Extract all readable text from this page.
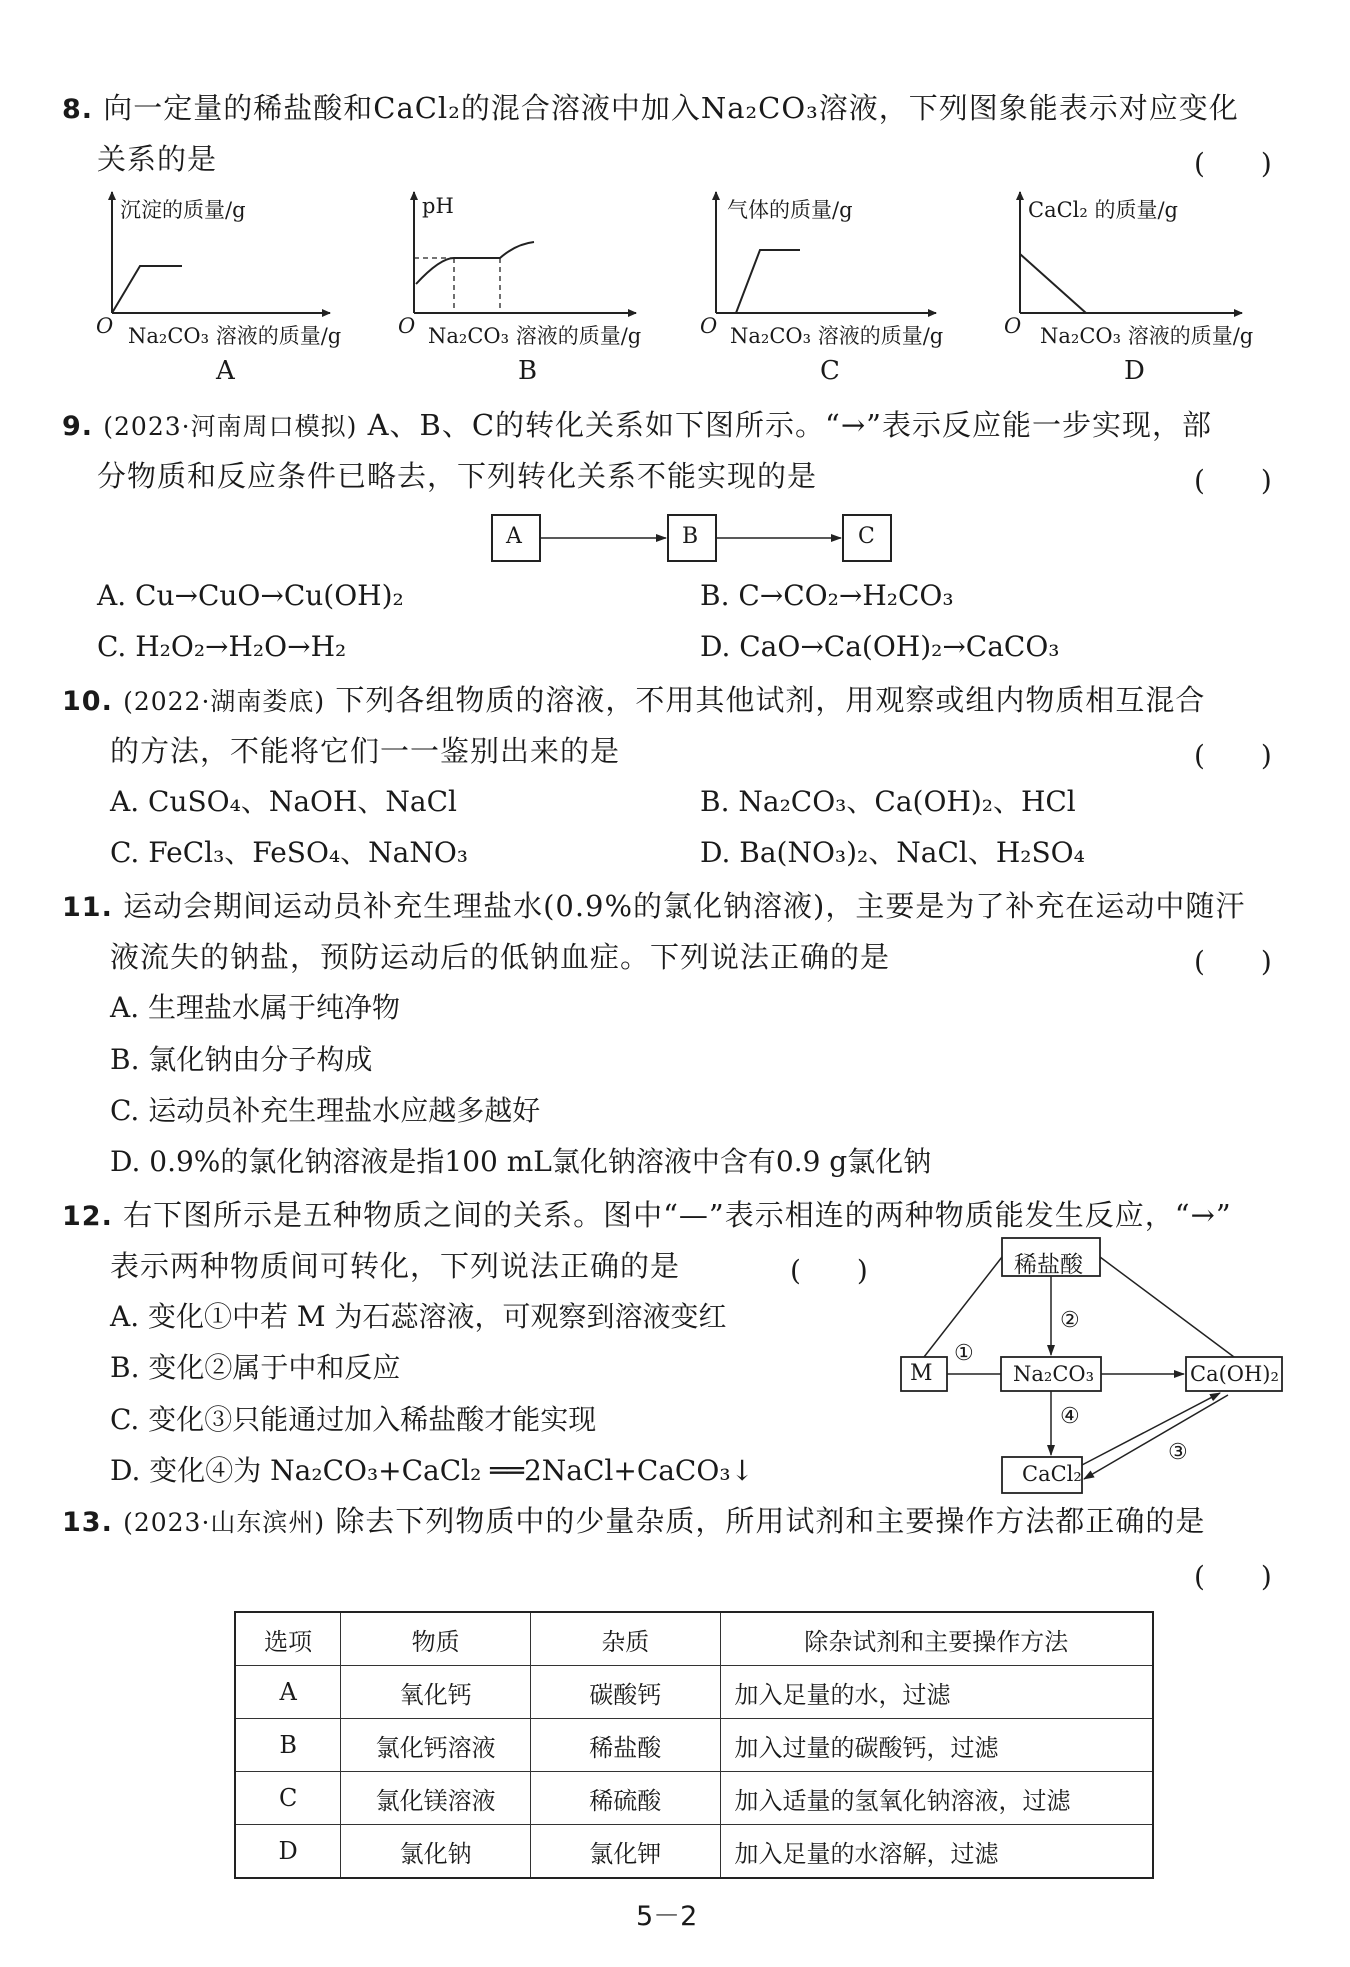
8. 向一定量的稀盐酸和CaCl₂的混合溶液中加入Na₂CO₃溶液，下列图象能表示对应变化
关系的是	(　　)
沉淀的质量/g	pH	气体的质量/g	CaCl₂ 的质量/g
O	O	O	O
Na₂CO₃ 溶液的质量/g	Na₂CO₃ 溶液的质量/g	Na₂CO₃ 溶液的质量/g	Na₂CO₃ 溶液的质量/g
A	B	C	D
9. (2023·河南周口模拟) A、B、C的转化关系如下图所示。“→”表示反应能一步实现，部
分物质和反应条件已略去，下列转化关系不能实现的是	(　　)
A	B	C
A. Cu→CuO→Cu(OH)₂	B. C→CO₂→H₂CO₃
C. H₂O₂→H₂O→H₂	D. CaO→Ca(OH)₂→CaCO₃
10. (2022·湖南娄底) 下列各组物质的溶液，不用其他试剂，用观察或组内物质相互混合
的方法，不能将它们一一鉴别出来的是	(　　)
A. CuSO₄、NaOH、NaCl	B. Na₂CO₃、Ca(OH)₂、HCl
C. FeCl₃、FeSO₄、NaNO₃	D. Ba(NO₃)₂、NaCl、H₂SO₄
11. 运动会期间运动员补充生理盐水(0.9%的氯化钠溶液)，主要是为了补充在运动中随汗
液流失的钠盐，预防运动后的低钠血症。下列说法正确的是	(　　)
A. 生理盐水属于纯净物
B. 氯化钠由分子构成
C. 运动员补充生理盐水应越多越好
D. 0.9%的氯化钠溶液是指100 mL氯化钠溶液中含有0.9 g氯化钠
12. 右下图所示是五种物质之间的关系。图中“—”表示相连的两种物质能发生反应，“→”
表示两种物质间可转化，下列说法正确的是	(　　)
A. 变化①中若 M 为石蕊溶液，可观察到溶液变红
B. 变化②属于中和反应
C. 变化③只能通过加入稀盐酸才能实现
D. 变化④为 Na₂CO₃+CaCl₂ ══2NaCl+CaCO₃↓
稀盐酸
M	Na₂CO₃	Ca(OH)₂
CaCl₂
①
②
③
④
13. (2023·山东滨州) 除去下列物质中的少量杂质，所用试剂和主要操作方法都正确的是
(　　)
选项	物质	杂质	除杂试剂和主要操作方法
A	氧化钙	碳酸钙	加入足量的水，过滤
B	氯化钙溶液	稀盐酸	加入过量的碳酸钙，过滤
C	氯化镁溶液	稀硫酸	加入适量的氢氧化钠溶液，过滤
D	氯化钠	氯化钾	加入足量的水溶解，过滤
5－2
